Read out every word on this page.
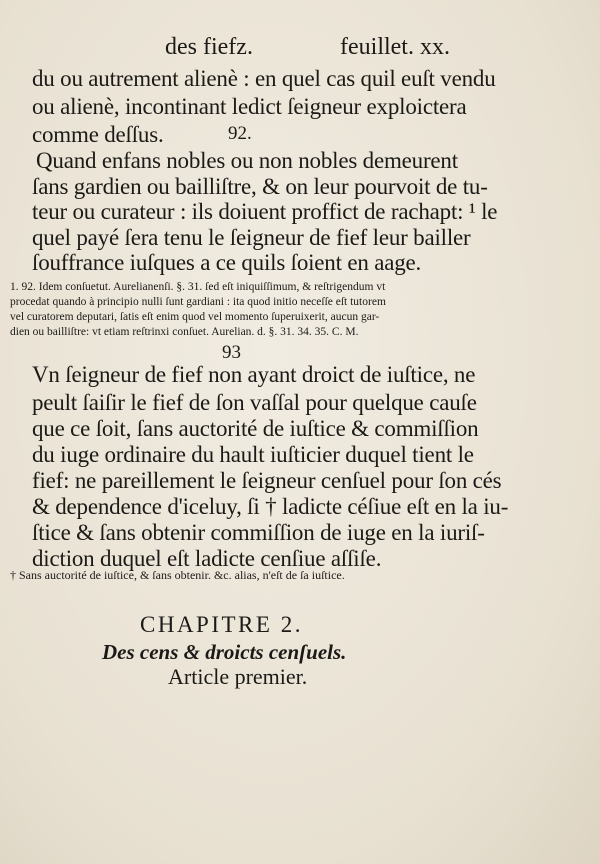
des fiefz.	feuillet. xx.
du ou autrement alienè : en quel cas quil euſt vendu
ou alienè, incontinant ledict ſeigneur exploictera
comme deſſus.	92.
Quand enfans nobles ou non nobles demeurent
ſans gardien ou bailliſtre, & on leur pourvoit de tu-
teur ou curateur : ils doiuent proffict de rachapt: ¹ le
quel payé ſera tenu le ſeigneur de fief leur bailler
ſouffrance iuſques a ce quils ſoient en aage.
1. 92. Idem conſuetut. Aurelianenſi. §. 31. ſed eſt iniquiſſimum, & reſtrigendum vt
procedat quando à principio nulli ſunt gardiani : ita quod initio neceſſe eſt tutorem
vel curatorem deputari, ſatis eſt enim quod vel momento ſuperuixerit, aucun gar-
dien ou bailliſtre: vt etiam reſtrinxi conſuet. Aurelian. d. §. 31. 34. 35. C. M.
93
Vn ſeigneur de fief non ayant droict de iuſtice, ne
peult ſaiſir le fief de ſon vaſſal pour quelque cauſe
que ce ſoit, ſans auctorité de iuſtice & commiſſion
du iuge ordinaire du hault iuſticier duquel tient le
fief: ne pareillement le ſeigneur cenſuel pour ſon cés
& dependence d'iceluy, ſi † ladicte céſiue eſt en la iu-
ſtice & ſans obtenir commiſſion de iuge en la iuriſ-
diction duquel eſt ladicte cenſiue aſſiſe.
† Sans auctorité de iuſtice, & ſans obtenir. &c. alias, n'eſt de ſa iuſtice.
CHAPITRE 2.
Des cens & droicts cenſuels.
Article premier.
